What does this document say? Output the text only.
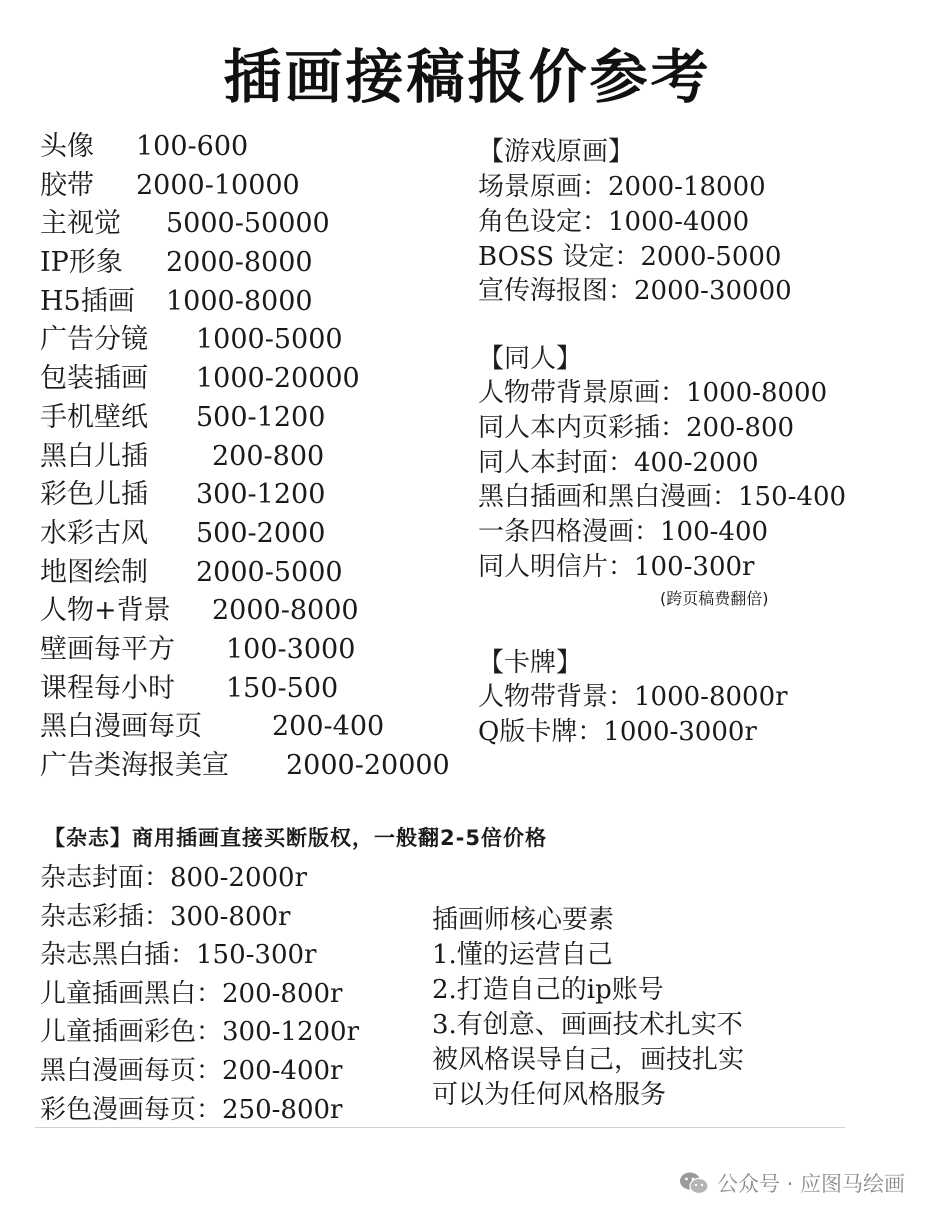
插画接稿报价参考
头像 100-600
胶带 2000-10000
主视觉 5000-50000
IP形象 2000-8000
H5插画 1000-8000
广告分镜 1000-5000
包装插画 1000-20000
手机壁纸 500-1200
黑白儿插 200-800
彩色儿插 300-1200
水彩古风 500-2000
地图绘制 2000-5000
人物+背景 2000-8000
壁画每平方 100-3000
课程每小时 150-500
黑白漫画每页	200-400
广告类海报美宣 2000-20000
【游戏原画】
场景原画：2000-18000
角色设定：1000-4000
BOSS 设定：2000-5000
宣传海报图：2000-30000
【同人】
人物带背景原画：1000-8000
同人本内页彩插：200-800
同人本封面：400-2000
黑白插画和黑白漫画：150-400
一条四格漫画：100-400
同人明信片：100-300r
(跨页稿费翻倍)
【卡牌】
人物带背景：1000-8000r
Q版卡牌：1000-3000r
【杂志】商用插画直接买断版权，一般翻2-5倍价格
杂志封面：800-2000r
杂志彩插：300-800r
杂志黑白插：150-300r
儿童插画黑白：200-800r
儿童插画彩色：300-1200r
黑白漫画每页：200-400r
彩色漫画每页：250-800r
插画师核心要素
1.懂的运营自己
2.打造自己的ip账号
3.有创意、画画技术扎实不
被风格误导自己，画技扎实
可以为任何风格服务
公众号 · 应图马绘画
